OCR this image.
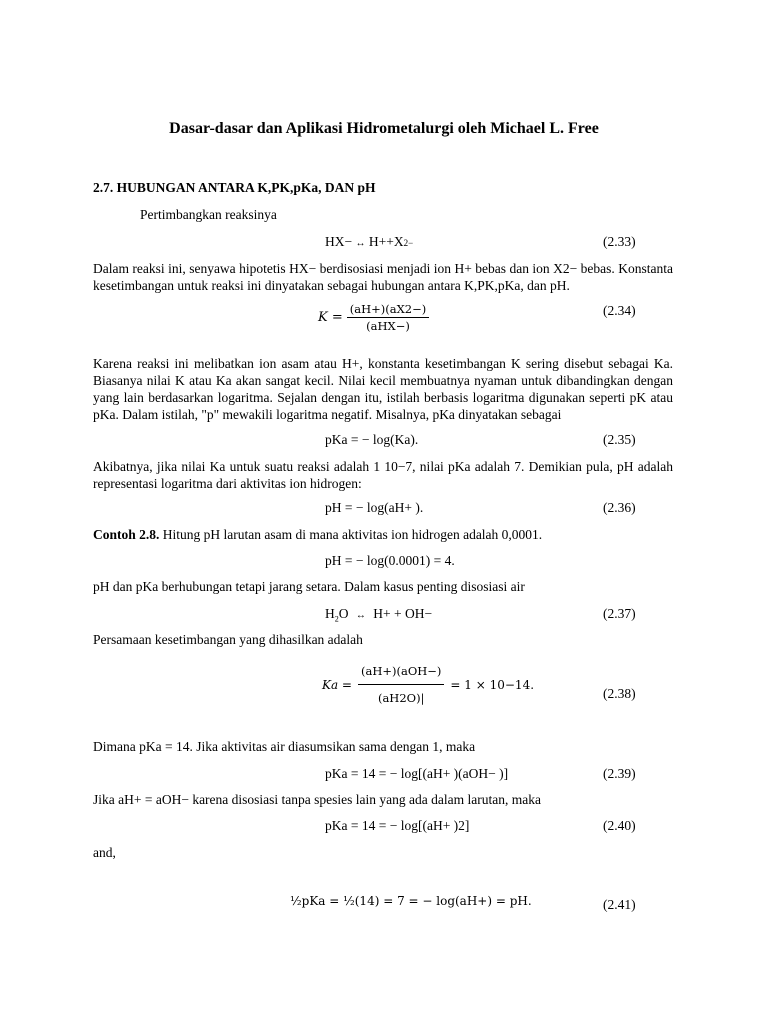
Dasar-dasar dan Aplikasi Hidrometalurgi oleh Michael L. Free
2.7. HUBUNGAN ANTARA K,PK,pKa, DAN pH
Pertimbangkan reaksinya
HX− ↔ H++X2−	(2.33)
Dalam reaksi ini, senyawa hipotetis HX− berdisosiasi menjadi ion H+ bebas dan ion X2− bebas. Konstanta kesetimbangan untuk reaksi ini dinyatakan sebagai hubungan antara K,PK,pKa, dan pH.
$K = \frac{(aH+)(aX2-)}{\text{(aHX−)}}$	(2.34)
Karena reaksi ini melibatkan ion asam atau H+, konstanta kesetimbangan K sering disebut sebagai Ka. Biasanya nilai K atau Ka akan sangat kecil. Nilai kecil membuatnya nyaman untuk dibandingkan dengan yang lain berdasarkan logaritma. Sejalan dengan itu, istilah berbasis logaritma digunakan seperti pK atau pKa. Dalam istilah, "p" mewakili logaritma negatif. Misalnya, pKa dinyatakan sebagai
pKa = − log(Ka).	(2.35)
Akibatnya, jika nilai Ka untuk suatu reaksi adalah 1 10−7, nilai pKa adalah 7. Demikian pula, pH adalah representasi logaritma dari aktivitas ion hidrogen:
pH = − log(aH+ ).	(2.36)
Contoh 2.8. Hitung pH larutan asam di mana aktivitas ion hidrogen adalah 0,0001.
pH = − log(0.0001) = 4.
pH dan pKa berhubungan tetapi jarang setara. Dalam kasus penting disosiasi air
$H_2O$ ↔ H+ + OH−	(2.37)
Persamaan kesetimbangan yang dihasilkan adalah
$Ka = \frac{\text{(aH+)(aOH−)}}{(aH2O)|} = 1 \times 10-14$.
(2.38)
Dimana pKa = 14. Jika aktivitas air diasumsikan sama dengan 1, maka
pKa = 14 = − log[(aH+ )(aOH− )]	(2.39)
Jika aH+ = aOH− karena disosiasi tanpa spesies lain yang ada dalam larutan, maka
pKa = 14 = − log[(aH+ )2]	(2.40)
and,
½pKa = ½(14) = 7 = − log(aH+) = pH.	(2.41)
